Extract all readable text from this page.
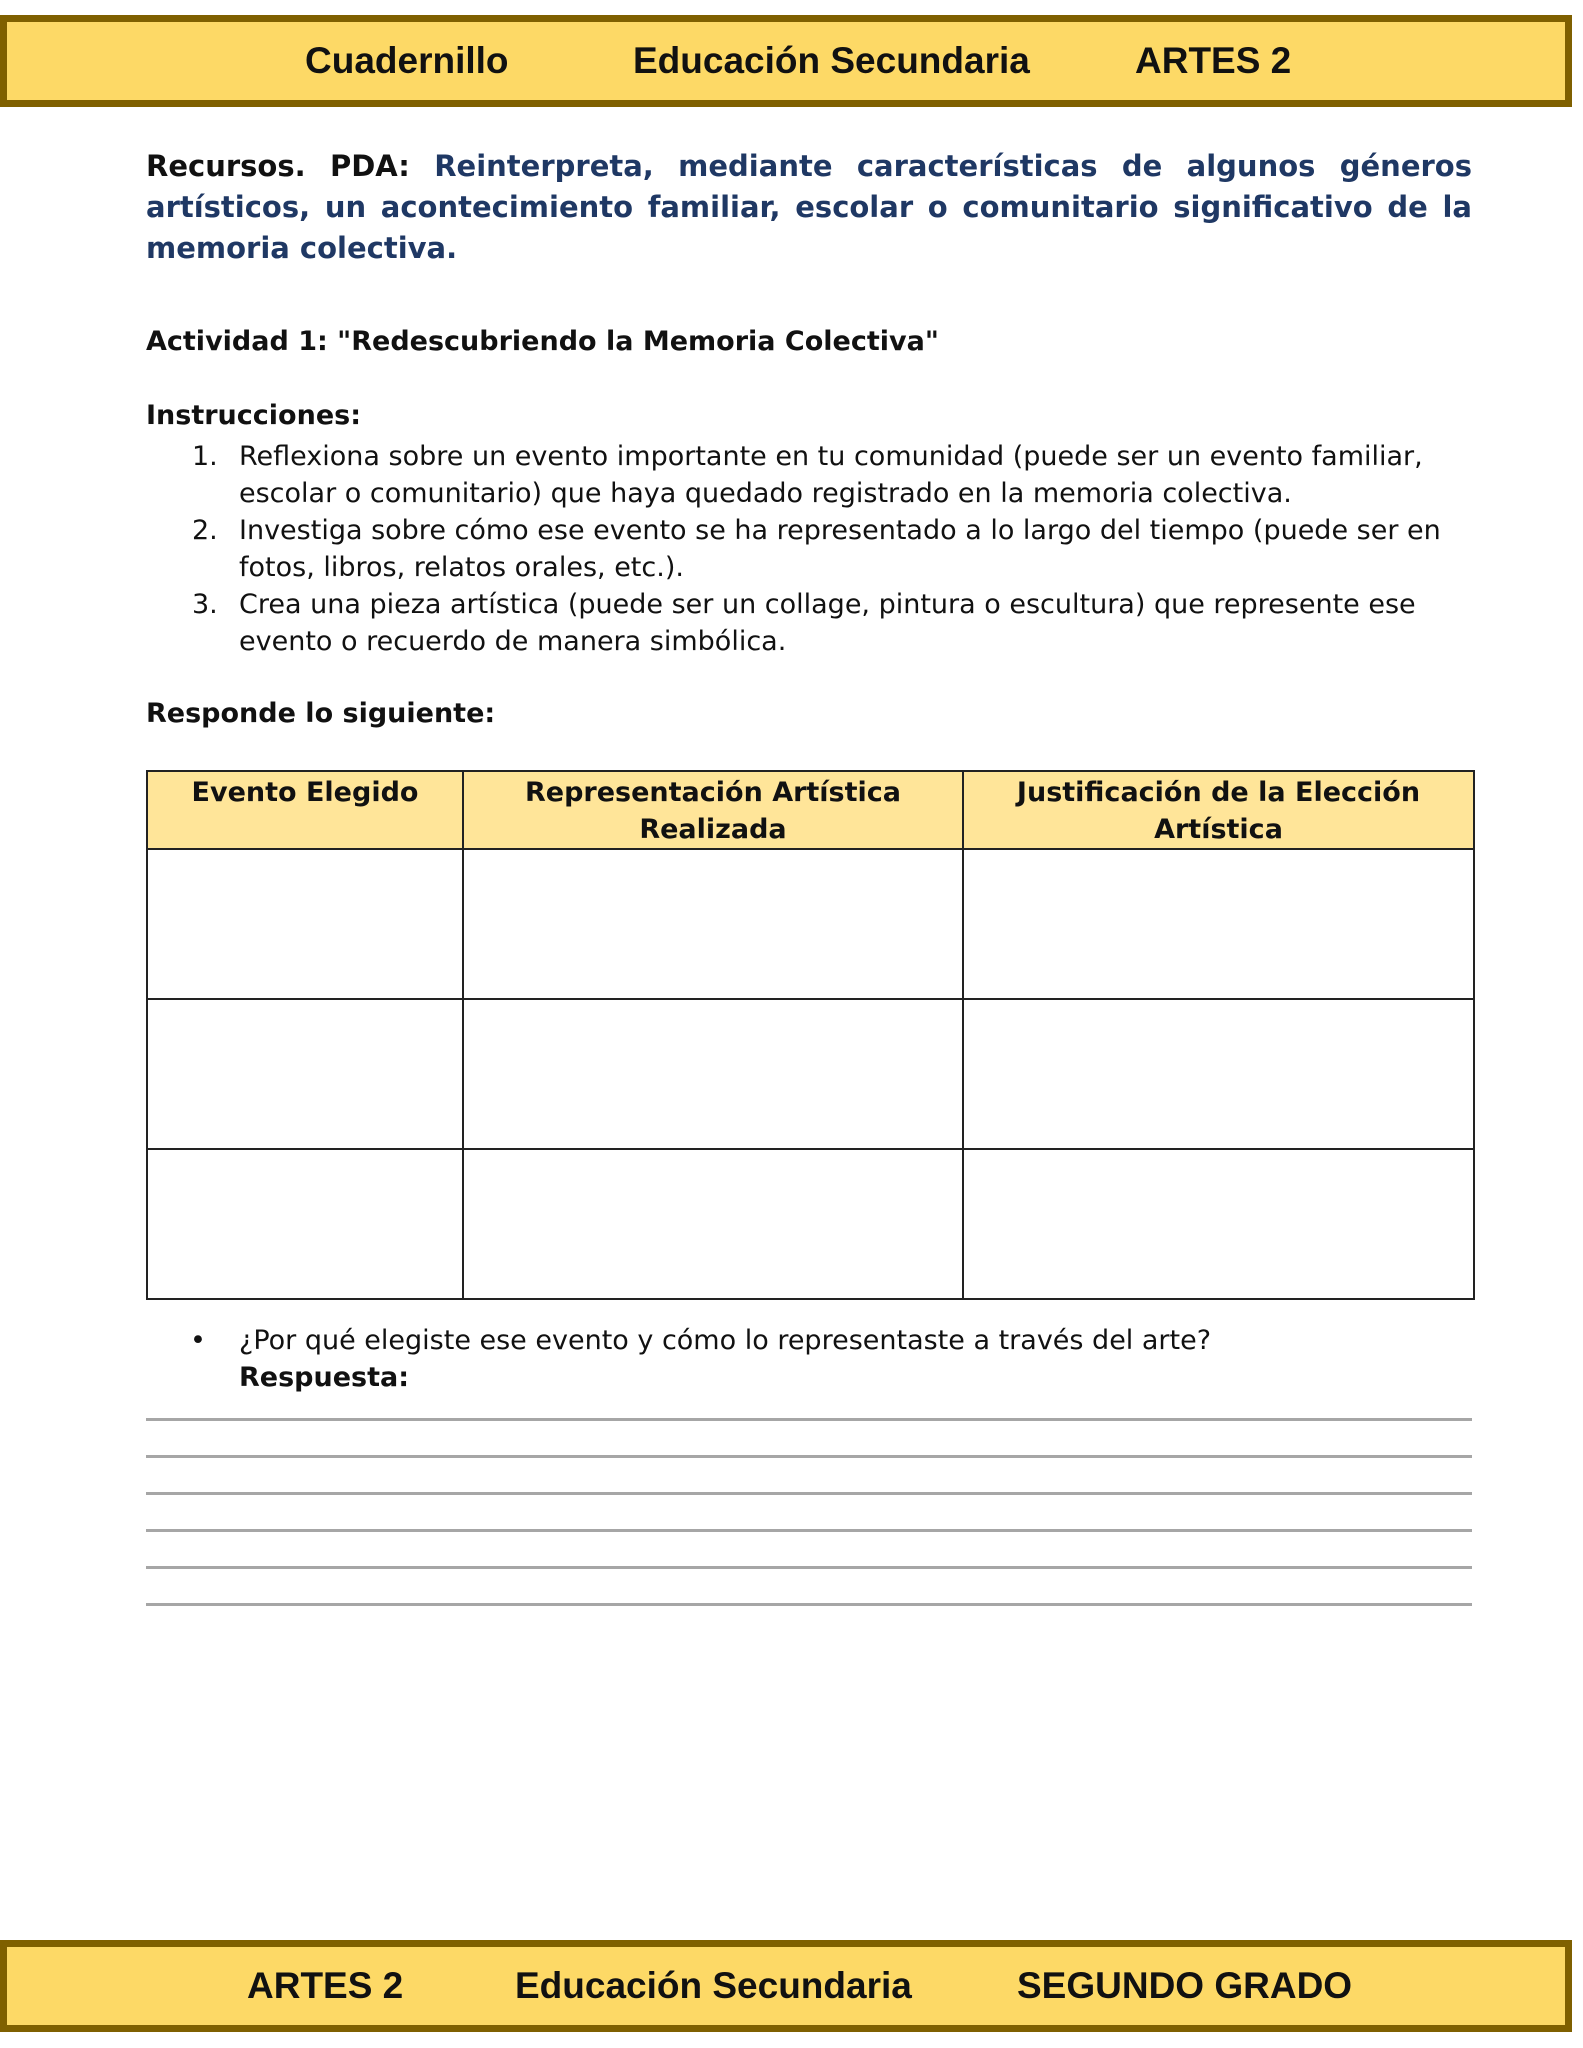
Cuadernillo	Educación Secundaria	ARTES 2
Recursos. PDA: Reinterpreta, mediante características de algunos géneros artísticos, un acontecimiento familiar, escolar o comunitario significativo de la memoria colectiva.
Actividad 1: "Redescubriendo la Memoria Colectiva"
Instrucciones:
1. Reflexiona sobre un evento importante en tu comunidad (puede ser un evento familiar, escolar o comunitario) que haya quedado registrado en la memoria colectiva.
2. Investiga sobre cómo ese evento se ha representado a lo largo del tiempo (puede ser en fotos, libros, relatos orales, etc.).
3. Crea una pieza artística (puede ser un collage, pintura o escultura) que represente ese evento o recuerdo de manera simbólica.
Responde lo siguiente:
Evento Elegido	Representación Artística Realizada	Justificación de la Elección Artística

• ¿Por qué elegiste ese evento y cómo lo representaste a través del arte?
Respuesta:
ARTES 2	Educación Secundaria	SEGUNDO GRADO
